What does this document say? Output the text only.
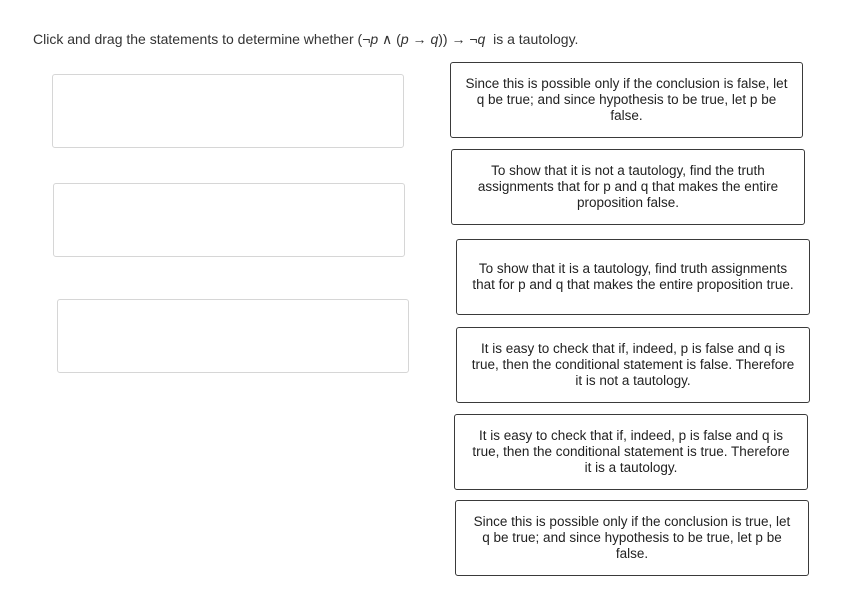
Click and drag the statements to determine whether (¬p ∧ (p → q)) → ¬q  is a tautology.

Since this is possible only if the conclusion is false, let q be true; and since hypothesis to be true, let p be false.
To show that it is not a tautology, find the truth assignments that for p and q that makes the entire proposition false.
To show that it is a tautology, find truth assignments that for p and q that makes the entire proposition true.
It is easy to check that if, indeed, p is false and q is true, then the conditional statement is false. Therefore it is not a tautology.
It is easy to check that if, indeed, p is false and q is true, then the conditional statement is true. Therefore it is a tautology.
Since this is possible only if the conclusion is true, let q be true; and since hypothesis to be true, let p be false.
